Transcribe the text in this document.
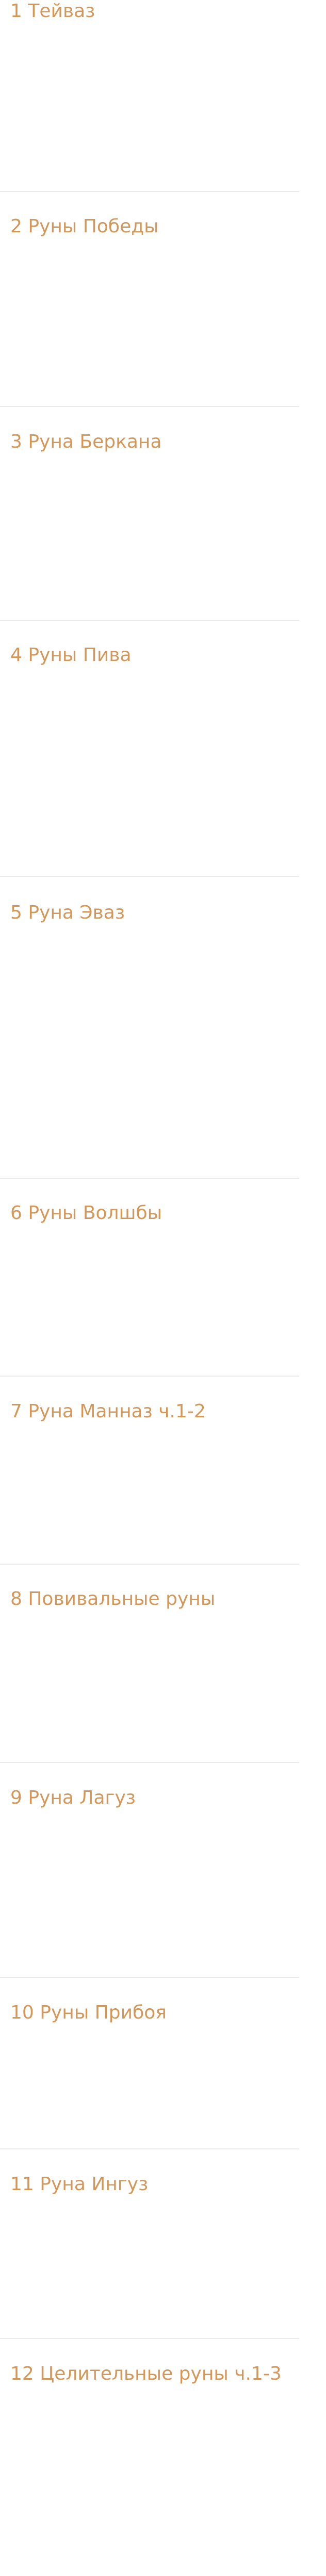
1 Тейваз
2 Руны Победы
3 Руна Беркана
4 Руны Пива
5 Руна Эваз
6 Руны Волшбы
7 Руна Манназ ч.1-2
8 Повивальные руны
9 Руна Лагуз
10 Руны Прибоя
11 Руна Ингуз
12 Целительные руны ч.1-3
